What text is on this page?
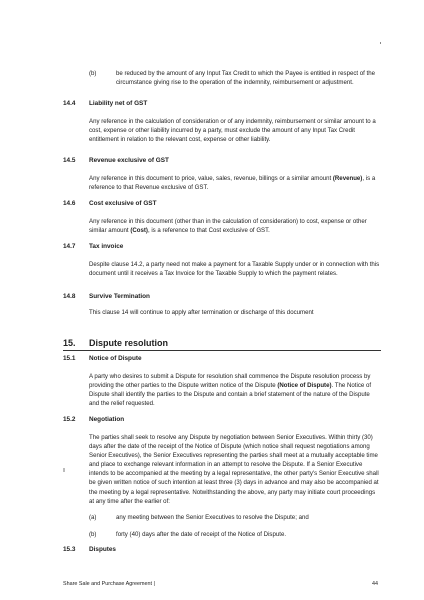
(b)	be reduced by the amount of any Input Tax Credit to which the Payee is entitled in respect of the circumstance giving rise to the operation of the indemnity, reimbursement or adjustment.
14.4 Liability net of GST
Any reference in the calculation of consideration or of any indemnity, reimbursement or similar amount to a cost, expense or other liability incurred by a party, must exclude the amount of any Input Tax Credit entitlement in relation to the relevant cost, expense or other liability.
14.5 Revenue exclusive of GST
Any reference in this document to price, value, sales, revenue, billings or a similar amount (Revenue), is a reference to that Revenue exclusive of GST.
14.6 Cost exclusive of GST
Any reference in this document (other than in the calculation of consideration) to cost, expense or other similar amount (Cost), is a reference to that Cost exclusive of GST.
14.7 Tax invoice
Despite clause 14.2, a party need not make a payment for a Taxable Supply under or in connection with this document until it receives a Tax Invoice for the Taxable Supply to which the payment relates.
14.8 Survive Termination
This clause 14 will continue to apply after termination or discharge of this document
15. Dispute resolution
15.1 Notice of Dispute
A party who desires to submit a Dispute for resolution shall commence the Dispute resolution process by providing the other parties to the Dispute written notice of the Dispute (Notice of Dispute). The Notice of Dispute shall identify the parties to the Dispute and contain a brief statement of the nature of the Dispute and the relief requested.
15.2 Negotiation
The parties shall seek to resolve any Dispute by negotiation between Senior Executives. Within thirty (30) days after the date of the receipt of the Notice of Dispute (which notice shall request negotiations among Senior Executives), the Senior Executives representing the parties shall meet at a mutually acceptable time and place to exchange relevant information in an attempt to resolve the Dispute. If a Senior Executive intends to be accompanied at the meeting by a legal representative, the other party's Senior Executive shall be given written notice of such intention at least three (3) days in advance and may also be accompanied at the meeting by a legal representative. Notwithstanding the above, any party may initiate court proceedings at any time after the earlier of:
(a)	any meeting between the Senior Executives to resolve the Dispute; and
(b)	forty (40) days after the date of receipt of the Notice of Dispute.
15.3 Disputes
Share Sale and Purchase Agreement |	44
